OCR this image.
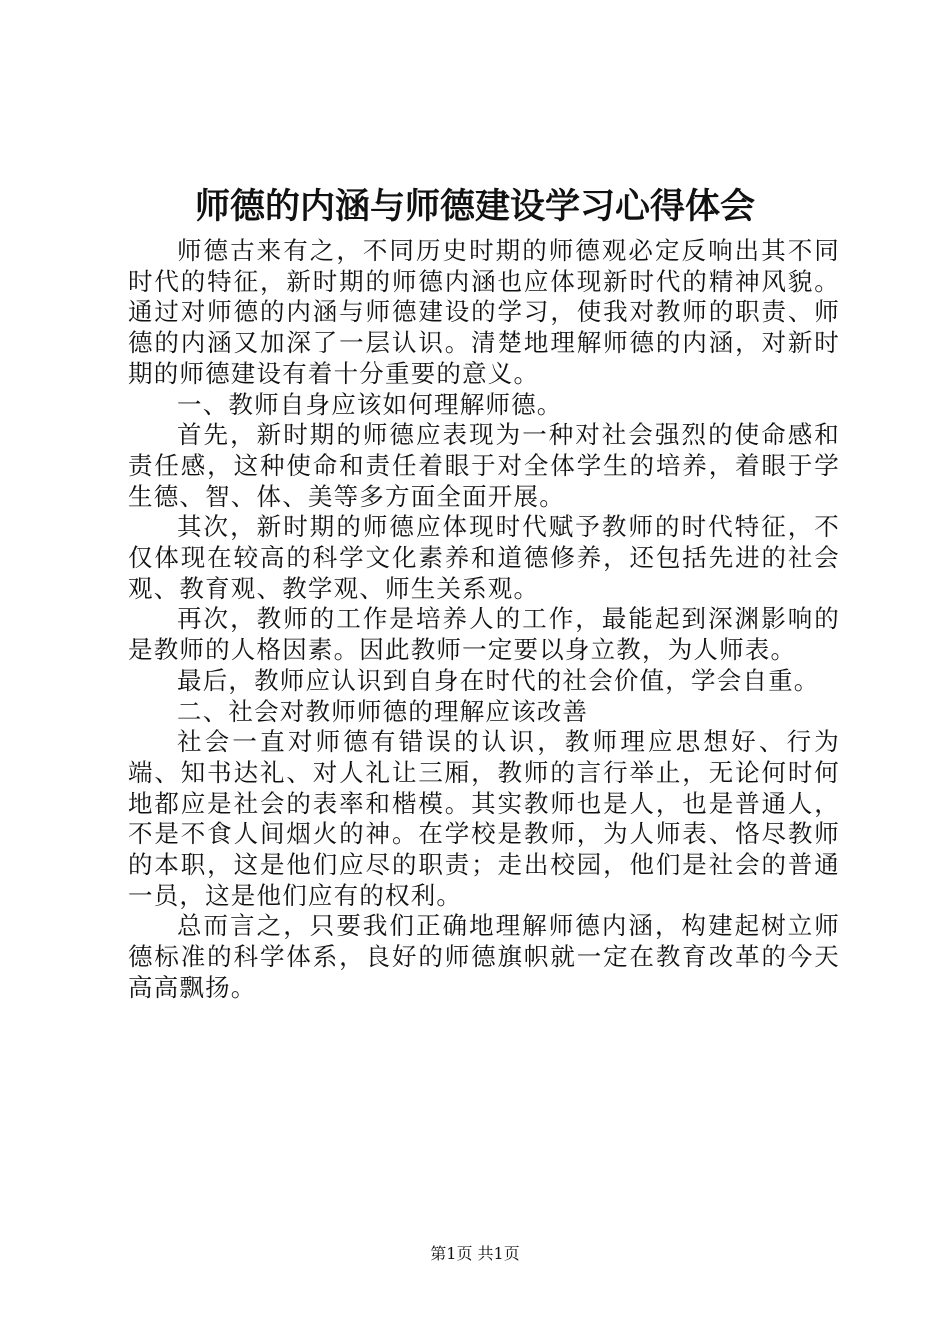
师德的内涵与师德建设学习心得体会

师德古来有之，不同历史时期的师德观必定反响出其不同时代的特征，新时期的师德内涵也应体现新时代的精神风貌。通过对师德的内涵与师德建设的学习，使我对教师的职责、师德的内涵又加深了一层认识。清楚地理解师德的内涵，对新时期的师德建设有着十分重要的意义。

一、教师自身应该如何理解师德。

首先，新时期的师德应表现为一种对社会强烈的使命感和责任感，这种使命和责任着眼于对全体学生的培养，着眼于学生德、智、体、美等多方面全面开展。

其次，新时期的师德应体现时代赋予教师的时代特征，不仅体现在较高的科学文化素养和道德修养，还包括先进的社会观、教育观、教学观、师生关系观。

再次，教师的工作是培养人的工作，最能起到深渊影响的是教师的人格因素。因此教师一定要以身立教，为人师表。

最后，教师应认识到自身在时代的社会价值，学会自重。

二、社会对教师师德的理解应该改善

社会一直对师德有错误的认识，教师理应思想好、行为端、知书达礼、对人礼让三厢，教师的言行举止，无论何时何地都应是社会的表率和楷模。其实教师也是人，也是普通人，不是不食人间烟火的神。在学校是教师，为人师表、恪尽教师的本职，这是他们应尽的职责；走出校园，他们是社会的普通一员，这是他们应有的权利。

总而言之，只要我们正确地理解师德内涵，构建起树立师德标准的科学体系，良好的师德旗帜就一定在教育改革的今天高高飘扬。

第1页 共1页
